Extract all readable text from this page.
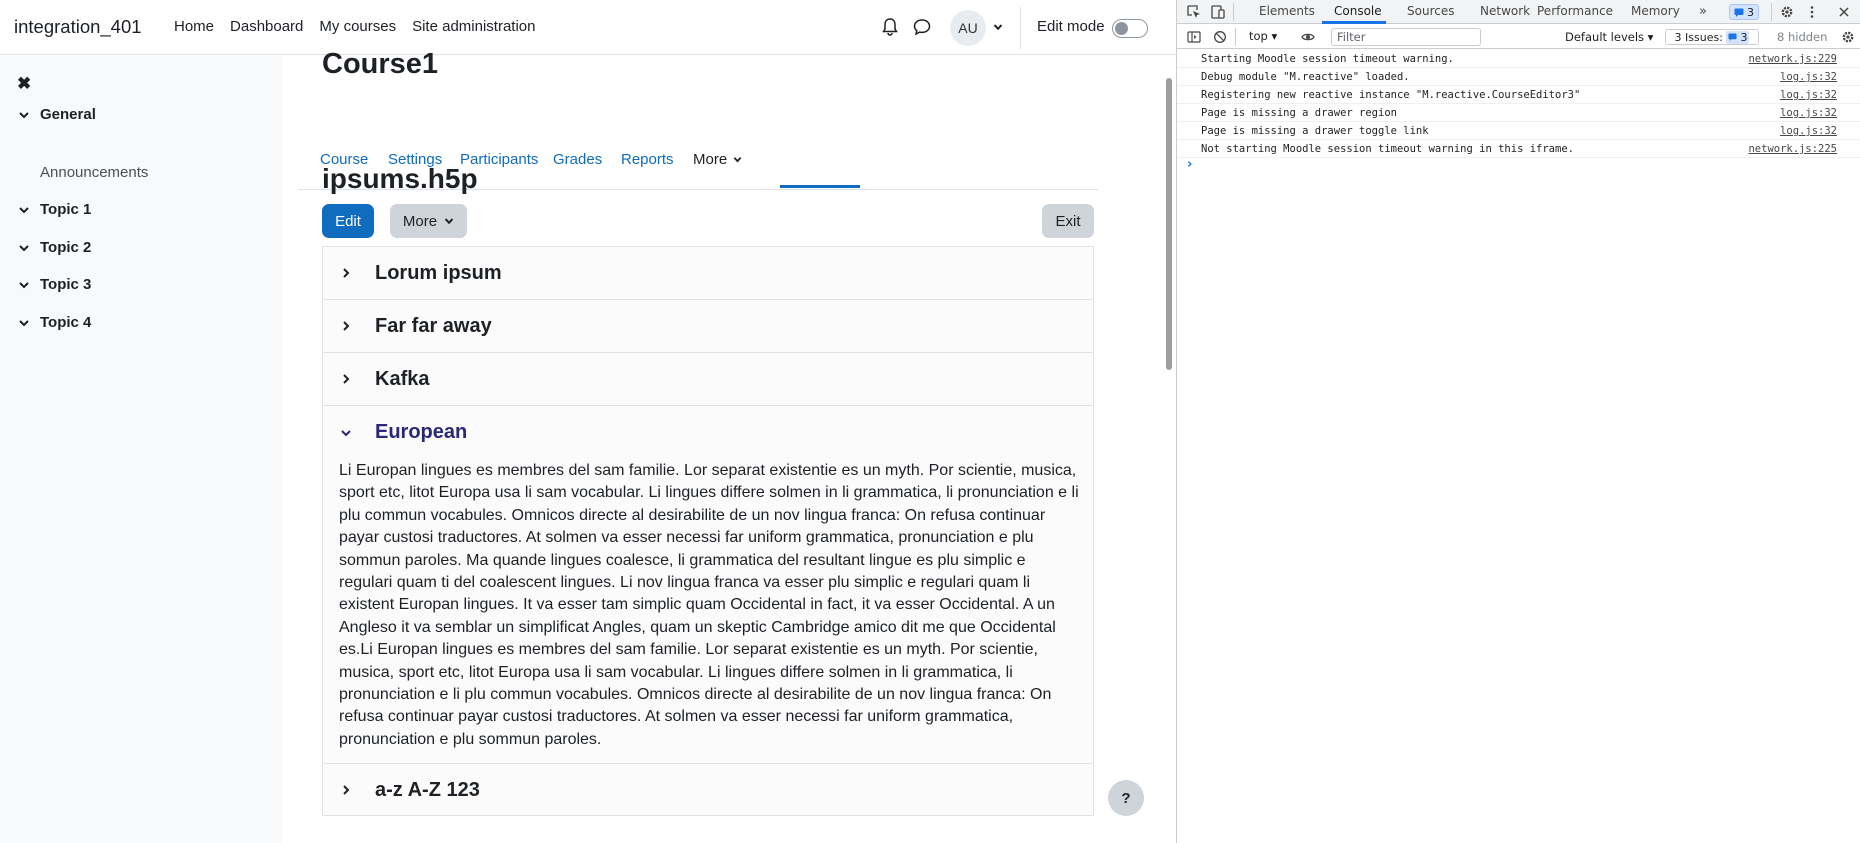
integration_401 Home Dashboard My courses Site administration	AU	Edit mode
✖
General
Announcements
Topic 1
Topic 2
Topic 3
Topic 4
Course1
Course Settings Participants Grades Reports More
ipsums.h5p
Edit	More	Exit
Lorum ipsum
Far far away
Kafka
European
Li Europan lingues es membres del sam familie. Lor separat existentie es un myth. Por scientie, musica, sport etc, litot Europa usa li sam vocabular. Li lingues differe solmen in li grammatica, li pronunciation e li plu commun vocabules. Omnicos directe al desirabilite de un nov lingua franca: On refusa continuar payar custosi traductores. At solmen va esser necessi far uniform grammatica, pronunciation e plu sommun paroles. Ma quande lingues coalesce, li grammatica del resultant lingue es plu simplic e regulari quam ti del coalescent lingues. Li nov lingua franca va esser plu simplic e regulari quam li existent Europan lingues. It va esser tam simplic quam Occidental in fact, it va esser Occidental. A un Angleso it va semblar un simplificat Angles, quam un skeptic Cambridge amico dit me que Occidental es.Li Europan lingues es membres del sam familie. Lor separat existentie es un myth. Por scientie, musica, sport etc, litot Europa usa li sam vocabular. Li lingues differe solmen in li grammatica, li pronunciation e li plu commun vocabules. Omnicos directe al desirabilite de un nov lingua franca: On refusa continuar payar custosi traductores. At solmen va esser necessi far uniform grammatica, pronunciation e plu sommun paroles.
a-z A-Z 123	?
Elements Console Sources Network Performance Memory »	3
top ▾	Filter	Default levels ▾ 3 Issues:	3	8 hidden
Starting Moodle session timeout warning.	network.js:229
Debug module "M.reactive" loaded.	log.js:32
Registering new reactive instance "M.reactive.CourseEditor3"	log.js:32
Page is missing a drawer region	log.js:32
Page is missing a drawer toggle link	log.js:32
Not starting Moodle session timeout warning in this iframe.	network.js:225
›
